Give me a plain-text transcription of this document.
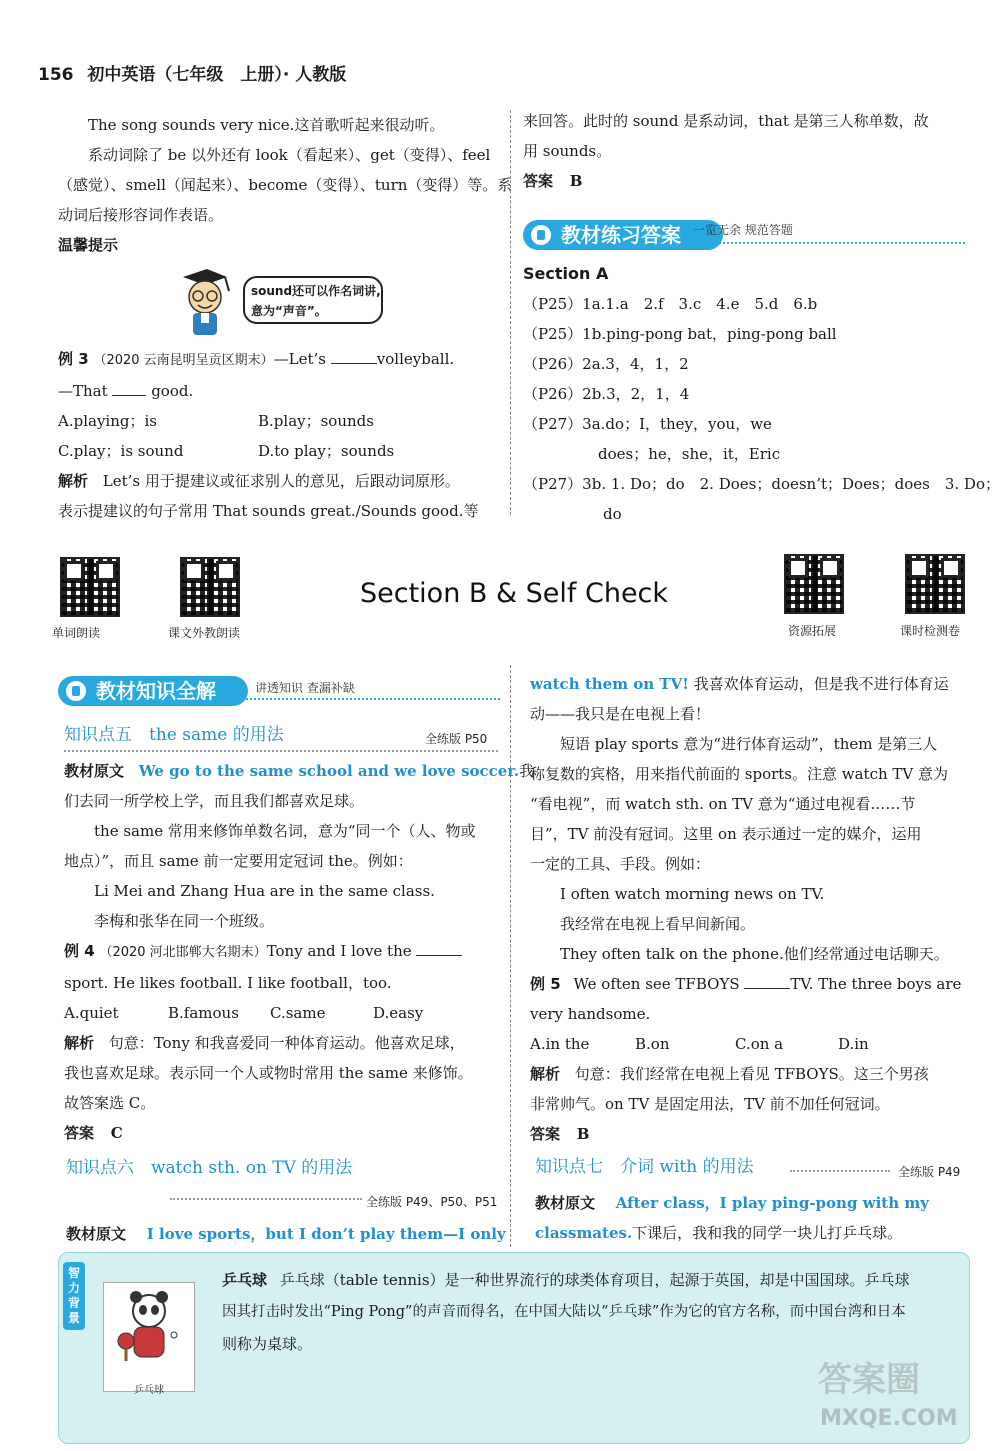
156 初中英语（七年级　上册）· 人教版

The song sounds very nice.这首歌听起来很动听。

系动词除了 be 以外还有 look（看起来）、get（变得）、feel

（感觉）、smell（闻起来）、become（变得）、turn（变得）等。系

动词后接形容词作表语。

温馨提示

sound还可以作名词讲,
意为“声音”。

例 3 （2020 云南昆明呈贡区期末）—Let’s	volleyball.

—That	good.

A.playing；is	B.play；sounds

C.play；is sound	D.to play；sounds

解析 Let’s 用于提建议或征求别人的意见，后跟动词原形。

表示提建议的句子常用 That sounds great./Sounds good.等

来回答。此时的 sound 是系动词，that 是第三人称单数，故

用 sounds。

答案 B

教材练习答案	一览无余 规范答题

Section A

（P25）1a.1.a　2.f　3.c　4.e　5.d　6.b

（P25）1b.ping-pong bat，ping-pong ball

（P26）2a.3，4，1，2

（P26）2b.3，2，1，4

（P27）3a.do；I，they，you，we

does；he，she，it，Eric

（P27）3b. 1. Do；do　2. Does；doesn’t；Does；does　3. Do；

do

单词朗读	课文外教朗读
Section B & Self Check
资源拓展	课时检测卷
教材知识全解	讲透知识 查漏补缺
知识点五　the same 的用法	全练版 P50

教材原文 We go to the same school and we love soccer.我

们去同一所学校上学，而且我们都喜欢足球。

the same 常用来修饰单数名词，意为“同一个（人、物或

地点）”，而且 same 前一定要用定冠词 the。例如：

Li Mei and Zhang Hua are in the same class.

李梅和张华在同一个班级。

例 4 （2020 河北邯郸大名期末）Tony and I love the

sport. He likes football. I like football，too.

A.quiet	B.famous C.same	D.easy

解析 句意：Tony 和我喜爱同一种体育运动。他喜欢足球，

我也喜欢足球。表示同一个人或物时常用 the same 来修饰。

故答案选 C。

答案 C

知识点六　watch sth. on TV 的用法
全练版 P49、P50、P51

教材原文 I love sports，but I don’t play them—I only

watch them on TV! 我喜欢体育运动，但是我不进行体育运

动——我只是在电视上看！

短语 play sports 意为“进行体育运动”，them 是第三人

称复数的宾格，用来指代前面的 sports。注意 watch TV 意为

“看电视”，而 watch sth. on TV 意为“通过电视看……节

目”，TV 前没有冠词。这里 on 表示通过一定的媒介，运用

一定的工具、手段。例如：

I often watch morning news on TV.

我经常在电视上看早间新闻。

They often talk on the phone.他们经常通过电话聊天。

例 5 We often see TFBOYS	TV. The three boys are

very handsome.

A.in the	B.on	C.on a	D.in

解析 句意：我们经常在电视上看见 TFBOYS。这三个男孩

非常帅气。on TV 是固定用法，TV 前不加任何冠词。

答案 B

知识点七　介词 with 的用法	全练版 P49

教材原文 After class，I play ping-pong with my

classmates.下课后，我和我的同学一块儿打乒乓球。

智力背景
乒乓球
乒乓球 乒乓球（table tennis）是一种世界流行的球类体育项目，起源于英国，却是中国国球。乒乓球
因其打击时发出“Ping Pong”的声音而得名，在中国大陆以“乒乓球”作为它的官方名称，而中国台湾和日本
则称为桌球。
答案圈
MXQE.COM
